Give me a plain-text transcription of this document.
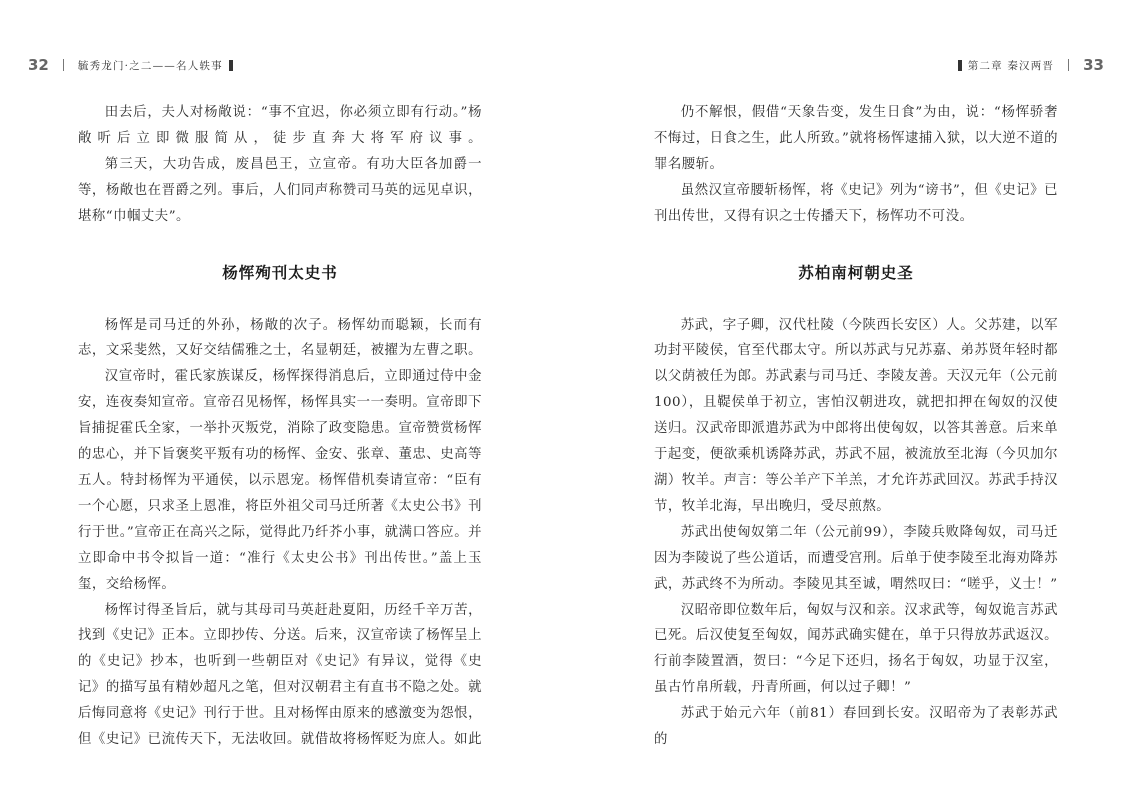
32	毓秀龙门·之二——名人轶事

田去后，夫人对杨敞说：“事不宜迟，你必须立即有行动。”杨敞听后立即微服简从，徒步直奔大将军府议事。

第三天，大功告成，废昌邑王，立宣帝。有功大臣各加爵一等，杨敞也在晋爵之列。事后，人们同声称赞司马英的远见卓识，堪称“巾帼丈夫”。

杨恽殉刊太史书

杨恽是司马迁的外孙，杨敞的次子。杨恽幼而聪颖，长而有志，文采斐然，又好交结儒雅之士，名显朝廷，被擢为左曹之职。

汉宣帝时，霍氏家族谋反，杨恽探得消息后，立即通过侍中金安，连夜奏知宣帝。宣帝召见杨恽，杨恽具实一一奏明。宣帝即下旨捕捉霍氏全家，一举扑灭叛党，消除了政变隐患。宣帝赞赏杨恽的忠心，并下旨褒奖平叛有功的杨恽、金安、张章、董忠、史高等五人。特封杨恽为平通侯，以示恩宠。杨恽借机奏请宣帝：“臣有一个心愿，只求圣上恩准，将臣外祖父司马迁所著《太史公书》刊行于世。”宣帝正在高兴之际，觉得此乃纤芥小事，就满口答应。并立即命中书令拟旨一道：“准行《太史公书》刊出传世。”盖上玉玺，交给杨恽。

杨恽讨得圣旨后，就与其母司马英赶赴夏阳，历经千辛万苦，找到《史记》正本。立即抄传、分送。后来，汉宣帝读了杨恽呈上的《史记》抄本，也听到一些朝臣对《史记》有异议，觉得《史记》的描写虽有精妙超凡之笔，但对汉朝君主有直书不隐之处。就后悔同意将《史记》刊行于世。且对杨恽由原来的感激变为怨恨，但《史记》已流传天下，无法收回。就借故将杨恽贬为庶人。如此

第二章 秦汉两晋 33

仍不解恨，假借“天象告变，发生日食”为由，说：“杨恽骄奢不悔过，日食之生，此人所致。”就将杨恽逮捕入狱，以大逆不道的罪名腰斩。

虽然汉宣帝腰斩杨恽，将《史记》列为“谤书”，但《史记》已刊出传世，又得有识之士传播天下，杨恽功不可没。

苏柏南柯朝史圣

苏武，字子卿，汉代杜陵（今陕西长安区）人。父苏建，以军功封平陵侯，官至代郡太守。所以苏武与兄苏嘉、弟苏贤年轻时都以父荫被任为郎。苏武素与司马迁、李陵友善。天汉元年（公元前100），且鞮侯单于初立，害怕汉朝进攻，就把扣押在匈奴的汉使送归。汉武帝即派遣苏武为中郎将出使匈奴，以答其善意。后来单于起变，便欲乘机诱降苏武，苏武不屈，被流放至北海（今贝加尔湖）牧羊。声言：等公羊产下羊羔，才允许苏武回汉。苏武手持汉节，牧羊北海，早出晚归，受尽煎熬。

苏武出使匈奴第二年（公元前99），李陵兵败降匈奴，司马迁因为李陵说了些公道话，而遭受宫刑。后单于使李陵至北海劝降苏武，苏武终不为所动。李陵见其至诚，喟然叹曰：“嗟乎，义士！”

汉昭帝即位数年后，匈奴与汉和亲。汉求武等，匈奴诡言苏武已死。后汉使复至匈奴，闻苏武确实健在，单于只得放苏武返汉。行前李陵置酒，贺曰：“今足下还归，扬名于匈奴，功显于汉室，虽古竹帛所载，丹青所画，何以过子卿！”

苏武于始元六年（前81）春回到长安。汉昭帝为了表彰苏武的
